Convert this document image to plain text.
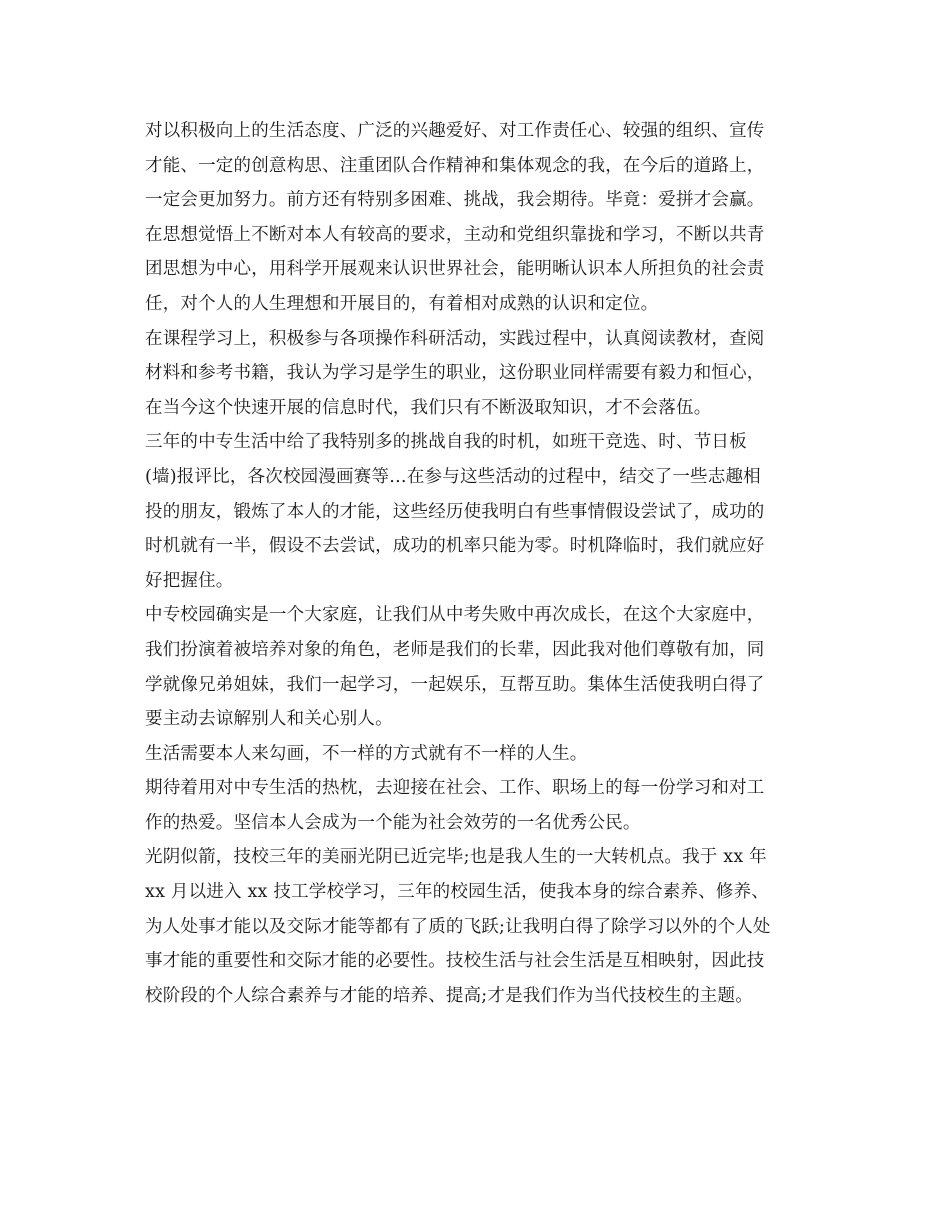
对以积极向上的生活态度、广泛的兴趣爱好、对工作责任心、较强的组织、宣传
才能、一定的创意构思、注重团队合作精神和集体观念的我，在今后的道路上，
一定会更加努力。前方还有特别多困难、挑战，我会期待。毕竟：爱拼才会赢。
在思想觉悟上不断对本人有较高的要求，主动和党组织靠拢和学习，不断以共青
团思想为中心，用科学开展观来认识世界社会，能明晰认识本人所担负的社会责
任，对个人的人生理想和开展目的，有着相对成熟的认识和定位。
在课程学习上，积极参与各项操作科研活动，实践过程中，认真阅读教材，查阅
材料和参考书籍，我认为学习是学生的职业，这份职业同样需要有毅力和恒心，
在当今这个快速开展的信息时代，我们只有不断汲取知识，才不会落伍。
三年的中专生活中给了我特别多的挑战自我的时机，如班干竞选、时、节日板
(墙)报评比，各次校园漫画赛等…在参与这些活动的过程中，结交了一些志趣相
投的朋友，锻炼了本人的才能，这些经历使我明白有些事情假设尝试了，成功的
时机就有一半，假设不去尝试，成功的机率只能为零。时机降临时，我们就应好
好把握住。
中专校园确实是一个大家庭，让我们从中考失败中再次成长，在这个大家庭中，
我们扮演着被培养对象的角色，老师是我们的长辈，因此我对他们尊敬有加，同
学就像兄弟姐妹，我们一起学习，一起娱乐，互帮互助。集体生活使我明白得了
要主动去谅解别人和关心别人。
生活需要本人来勾画，不一样的方式就有不一样的人生。
期待着用对中专生活的热枕，去迎接在社会、工作、职场上的每一份学习和对工
作的热爱。坚信本人会成为一个能为社会效劳的一名优秀公民。
光阴似箭，技校三年的美丽光阴已近完毕;也是我人生的一大转机点。我于 xx 年
xx 月以进入 xx 技工学校学习，三年的校园生活，使我本身的综合素养、修养、
为人处事才能以及交际才能等都有了质的飞跃;让我明白得了除学习以外的个人处
事才能的重要性和交际才能的必要性。技校生活与社会生活是互相映射，因此技
校阶段的个人综合素养与才能的培养、提高;才是我们作为当代技校生的主题。
